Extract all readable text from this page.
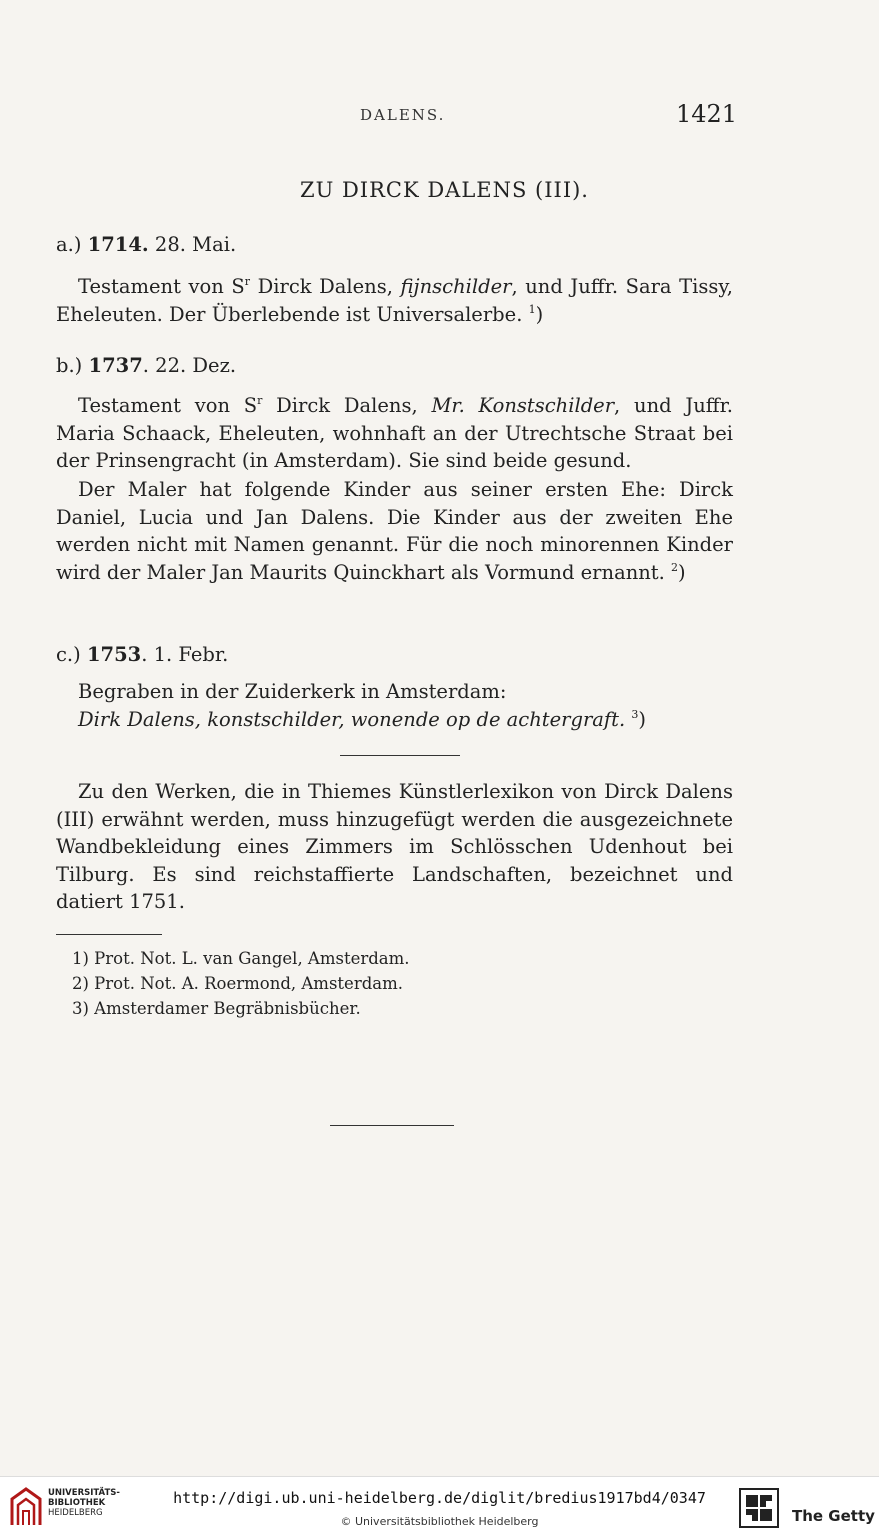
DALENS.	1421
ZU DIRCK DALENS (III).
a.) 1714. 28. Mai.
Testament von $S^r$ Dirck Dalens, fijnschilder, und Juffr. Sara Tissy, Eheleuten. Der Überlebende ist Universalerbe. $^1$)
b.) 1737. 22. Dez.
Testament von $S^r$ Dirck Dalens, Mr. Konstschilder, und Juffr. Maria Schaack, Eheleuten, wohnhaft an der Utrechtsche Straat bei der Prinsengracht (in Amsterdam). Sie sind beide gesund.
Der Maler hat folgende Kinder aus seiner ersten Ehe: Dirck Daniel, Lucia und Jan Dalens. Die Kinder aus der zweiten Ehe werden nicht mit Namen genannt. Für die noch minorennen Kinder wird der Maler Jan Maurits Quinckhart als Vormund ernannt. $^2$)
c.) 1753. 1. Febr.
Begraben in der Zuiderkerk in Amsterdam:
Dirk Dalens, konstschilder, wonende op de achtergraft. $^3$)
Zu den Werken, die in Thiemes Künstlerlexikon von Dirck Dalens (III) erwähnt werden, muss hinzugefügt werden die ausgezeichnete Wandbekleidung eines Zimmers im Schlösschen Udenhout bei Tilburg. Es sind reichstaffierte Landschaften, bezeichnet und datiert 1751.
1) Prot. Not. L. van Gangel, Amsterdam.
2) Prot. Not. A. Roermond, Amsterdam.
3) Amsterdamer Begräbnisbücher.
UNIVERSITÄTS-
BIBLIOTHEK
HEIDELBERG
http://digi.ub.uni-heidelberg.de/diglit/bredius1917bd4/0347
© Universitätsbibliothek Heidelberg	The Getty
